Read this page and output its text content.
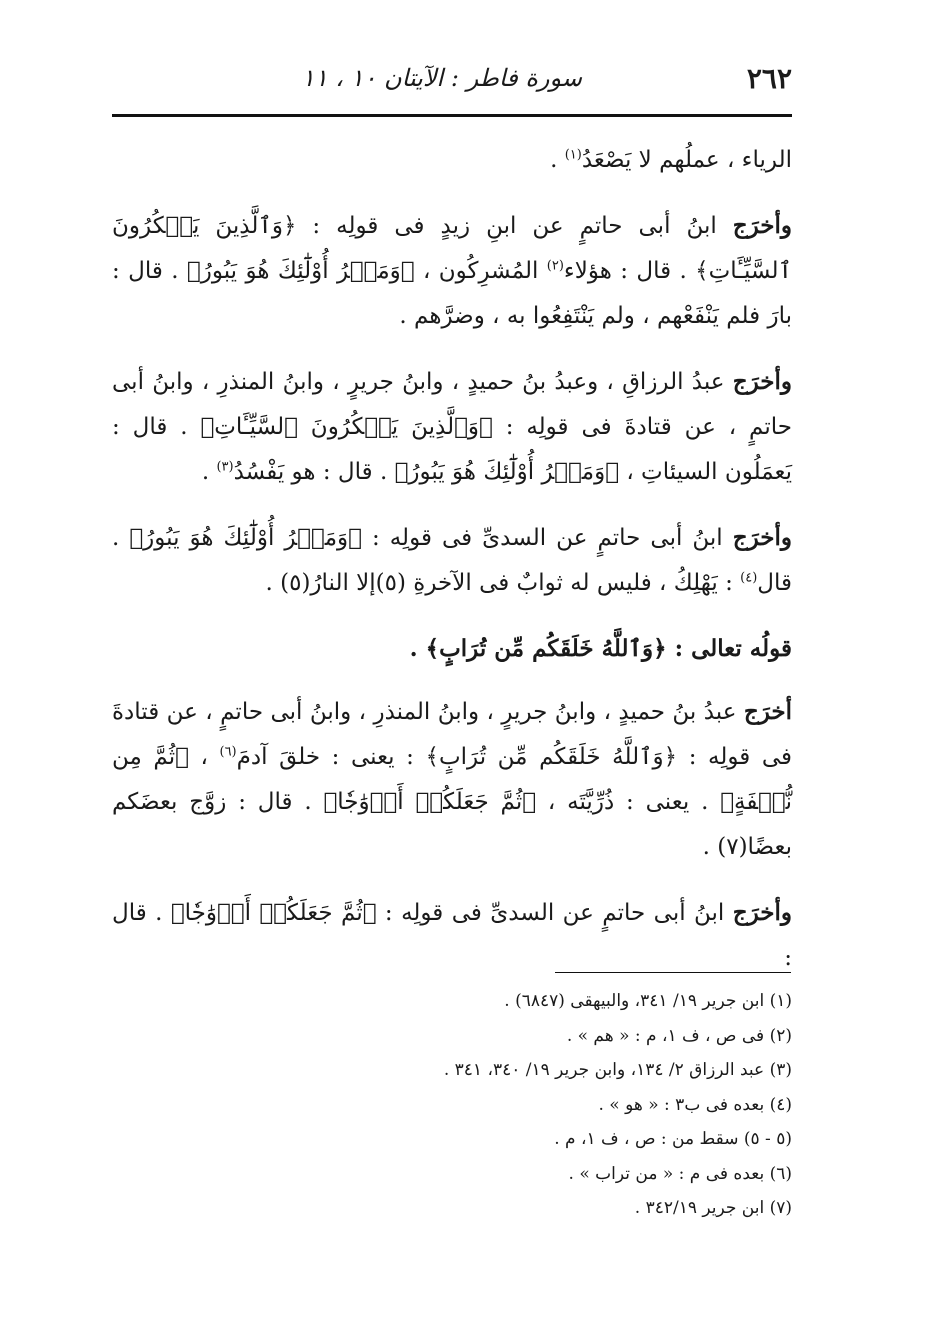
٢٦٢
سورة فاطر : الآيتان ١٠ ، ١١

الرياء ، عملُهم لا يَصْعَدُ$^{(١)}$ .

وأخرَج ابنُ أبى حاتمٍ عن ابنِ زيدٍ فى قولِه : ﴿وَٱلَّذِينَ يَمۡكُرُونَ ٱلسَّيِّـَٔاتِ﴾ . قال : هؤلاء$^{(٢)}$ المُشرِكُون ، ﴿وَمَكۡرُ أُوْلَٰٓئِكَ هُوَ يَبُورُ﴾ . قال : بارَ فلم يَنْفَعْهم ، ولم يَنْتَفِعُوا به ، وضرَّهم .

وأخرَج عبدُ الرزاقِ ، وعبدُ بنُ حميدٍ ، وابنُ جريرٍ ، وابنُ المنذرِ ، وابنُ أبى حاتمٍ ، عن قتادةَ فى قولِه : ﴿وَٱلَّذِينَ يَمۡكُرُونَ ٱلسَّيِّـَٔاتِ﴾ . قال : يَعمَلُون السيئاتِ ، ﴿وَمَكۡرُ أُوْلَٰٓئِكَ هُوَ يَبُورُ﴾ . قال : هو يَفْسُدُ$^{(٣)}$ .

وأخرَج ابنُ أبى حاتمٍ عن السدىِّ فى قولِه : ﴿وَمَكۡرُ أُوْلَٰٓئِكَ هُوَ يَبُورُ﴾ . قال$^{(٤)}$ : يَهْلِكُ ، فليس له ثوابٌ فى الآخرةِ (٥)إلا النارُ(٥) .

قولُه تعالى : ﴿وَٱللَّهُ خَلَقَكُم مِّن تُرَابٍ﴾ .

أخرَج عبدُ بنُ حميدٍ ، وابنُ جريرٍ ، وابنُ المنذرِ ، وابنُ أبى حاتمٍ ، عن قتادةَ فى قولِه : ﴿وَٱللَّهُ خَلَقَكُم مِّن تُرَابٍ﴾ : يعنى : خلقَ آدمَ$^{(٦)}$ ، ﴿ثُمَّ مِن نُّطۡفَةٍ﴾ . يعنى : ذُرِّيَّتَه ، ﴿ثُمَّ جَعَلَكُمۡ أَزۡوَٰجٗا﴾ . قال : زوَّج بعضَكم بعضًا(٧) .

وأخرَج ابنُ أبى حاتمٍ عن السدىِّ فى قولِه : ﴿ثُمَّ جَعَلَكُمۡ أَزۡوَٰجٗا﴾ . قال :

(١) ابن جرير ١٩/ ٣٤١، والبيهقى (٦٨٤٧) .
(٢) فى ص ، ف ١، م : « هم » .
(٣) عبد الرزاق ٢/ ١٣٤، وابن جرير ١٩/ ٣٤٠، ٣٤١ .
(٤) بعده فى ب٣ : « هو » .
(٥ - ٥) سقط من : ص ، ف ١، م .
(٦) بعده فى م : « من تراب » .
(٧) ابن جرير ٣٤٢/١٩ .
